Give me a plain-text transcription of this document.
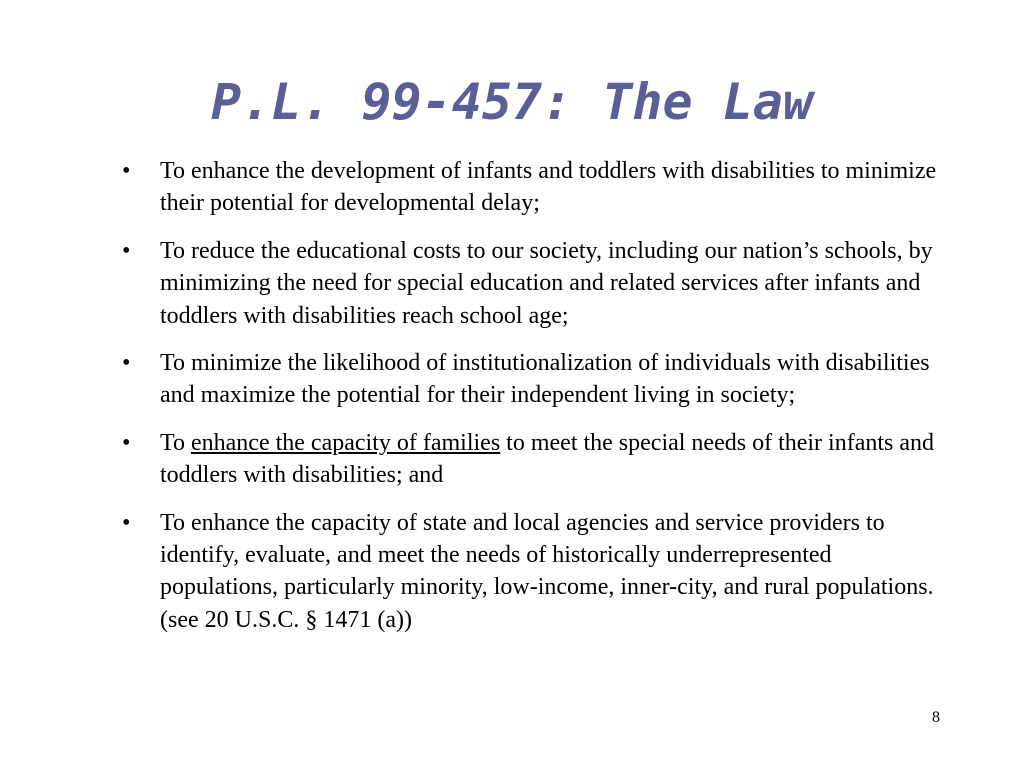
P.L. 99-457: The Law
•	To enhance the development of infants and toddlers with disabilities to minimize their potential for developmental delay;
•	To reduce the educational costs to our society, including our nation’s schools, by minimizing the need for special education and related services after infants and toddlers with disabilities reach school age;
•	To minimize the likelihood of institutionalization of individuals with disabilities and maximize the potential for their independent living in society;
•	To enhance the capacity of families to meet the special needs of their infants and toddlers with disabilities; and
•	To enhance the capacity of state and local agencies and service providers to identify, evaluate, and meet the needs of historically underrepresented populations, particularly minority, low-income, inner-city, and rural populations. (see 20 U.S.C. § 1471 (a))
8
